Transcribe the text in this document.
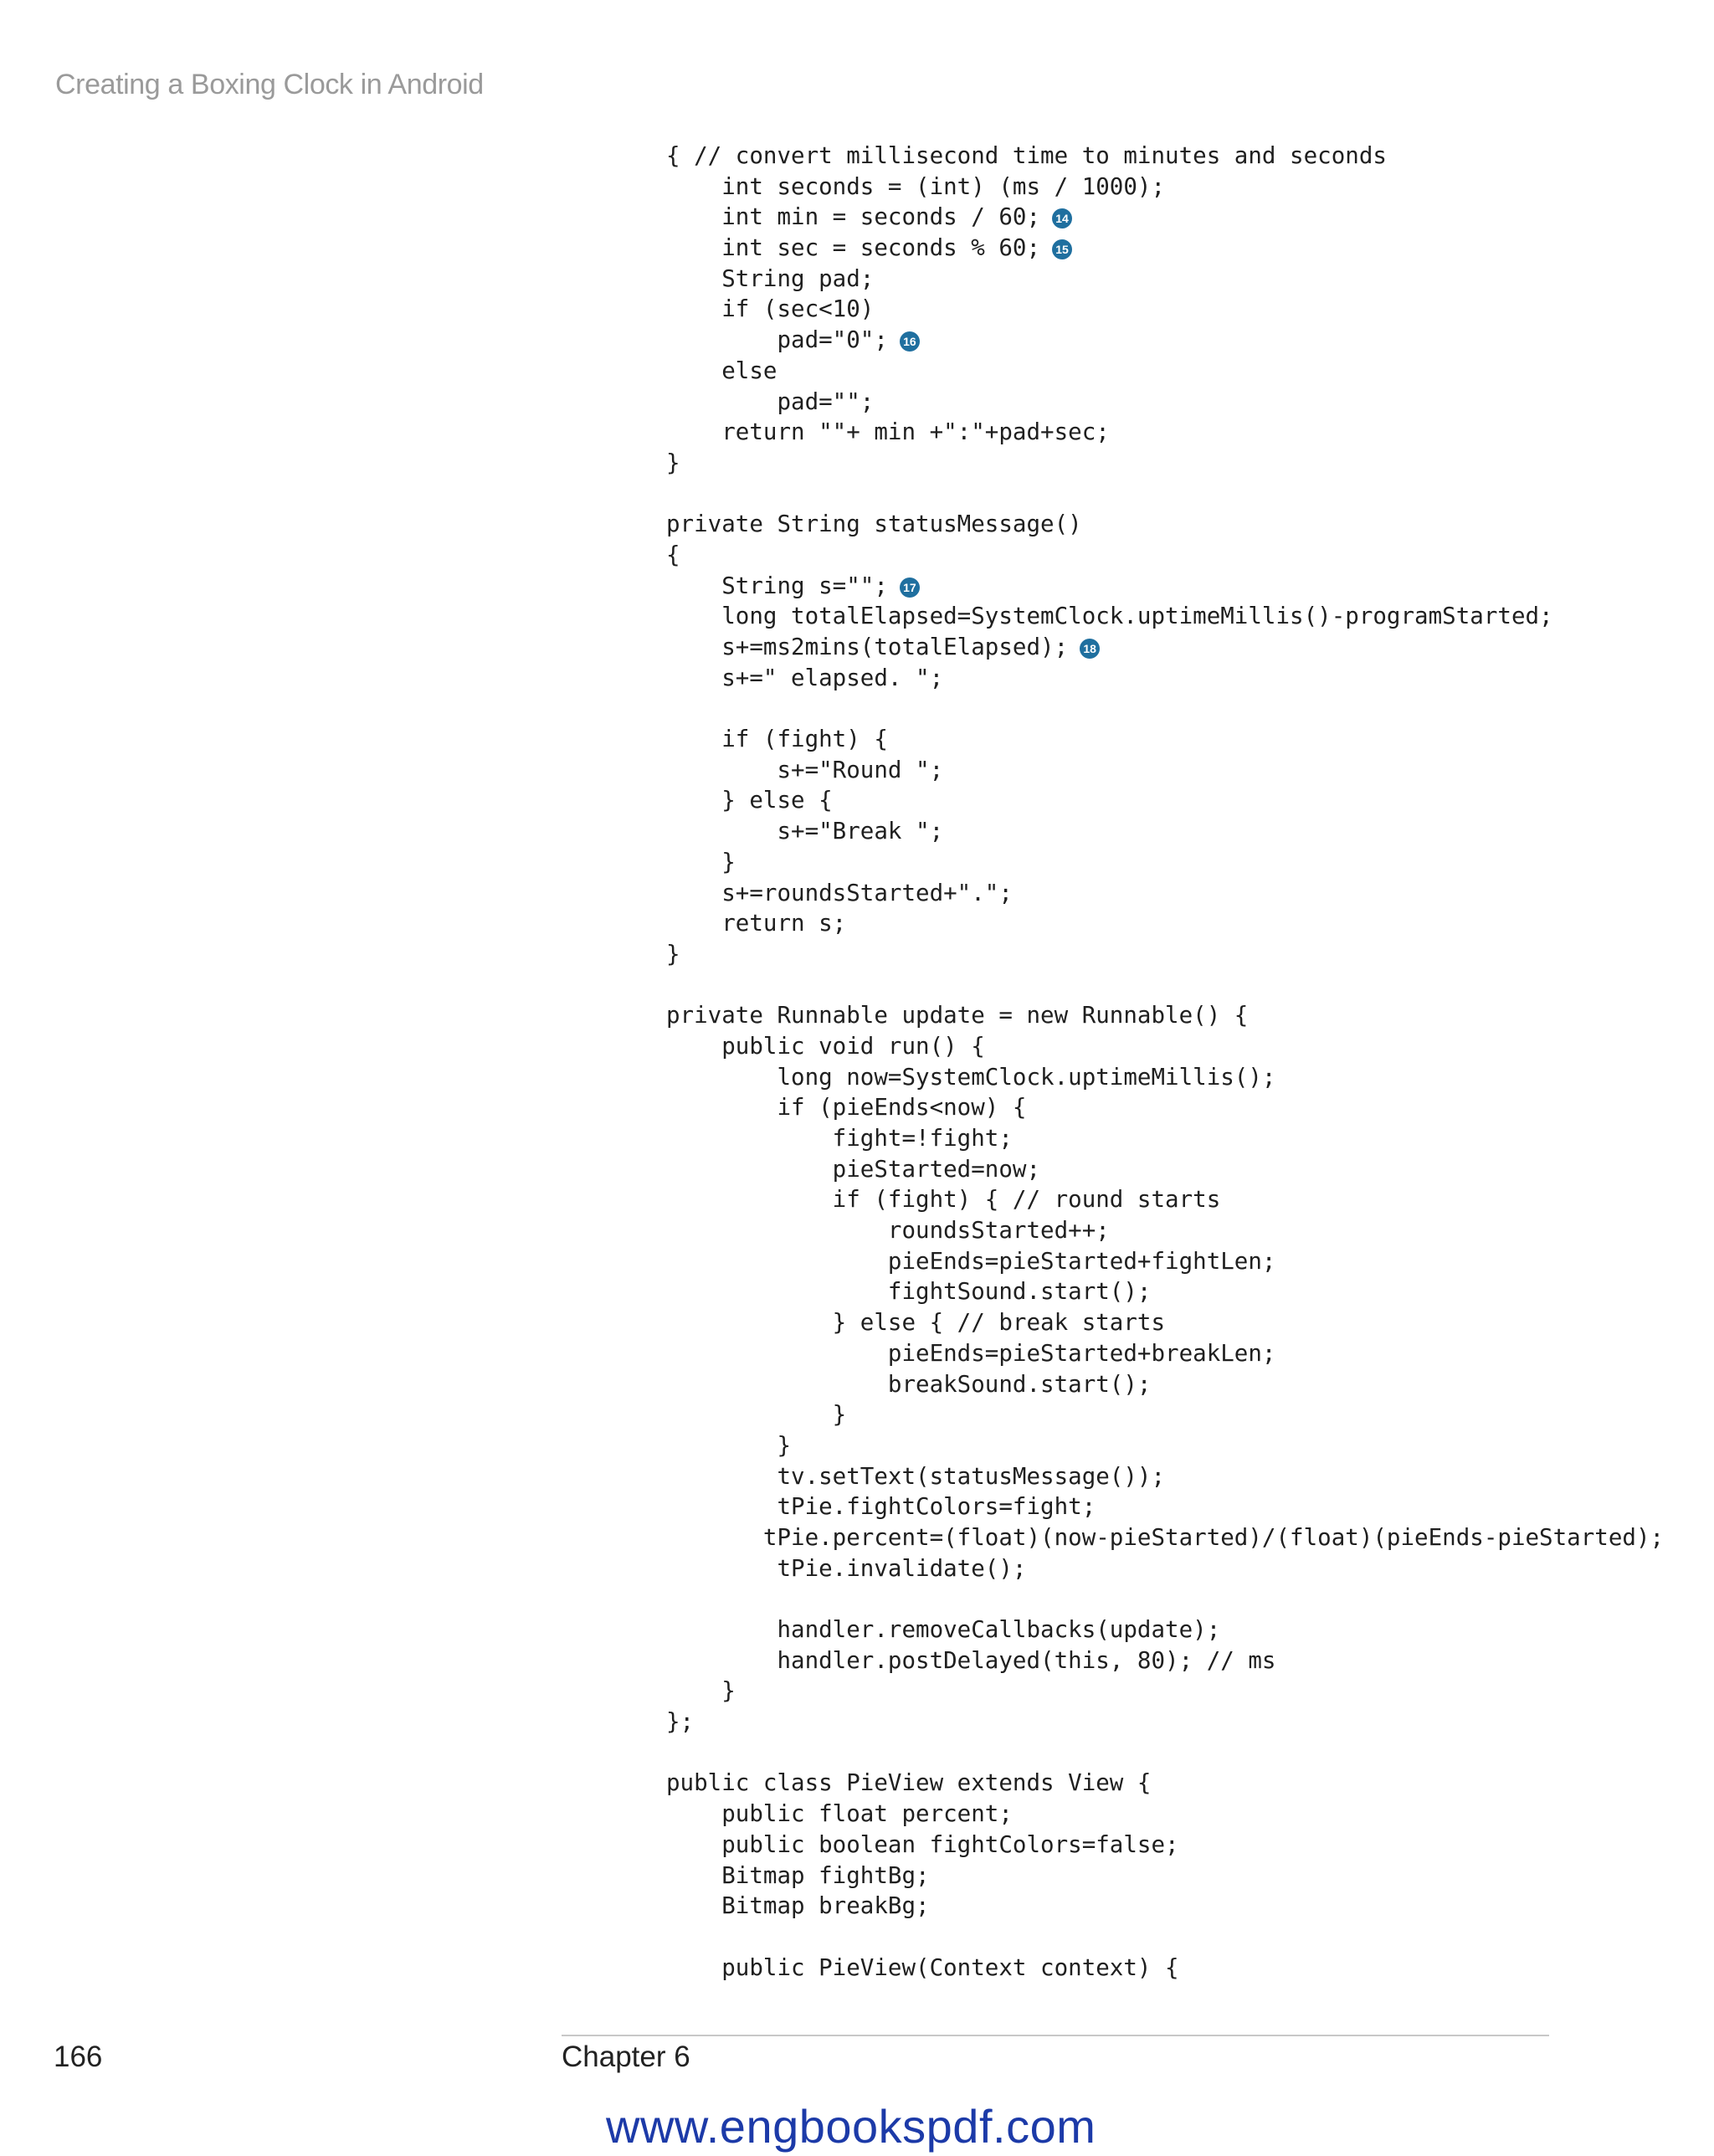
Creating a Boxing Clock in Android
{ // convert millisecond time to minutes and seconds
int seconds = (int) (ms / 1000);
int min = seconds / 60; 14
int sec = seconds % 60; 15
String pad;
if (sec<10)
pad="0"; 16
else
pad="";
return ""+ min +":"+pad+sec;
}
private String statusMessage()
{
String s=""; 17
long totalElapsed=SystemClock.uptimeMillis()-programStarted;
s+=ms2mins(totalElapsed); 18
s+=" elapsed. ";
if (fight) {
s+="Round ";
} else {
s+="Break ";
}
s+=roundsStarted+".";
return s;
}
private Runnable update = new Runnable() {
public void run() {
long now=SystemClock.uptimeMillis();
if (pieEnds<now) {
fight=!fight;
pieStarted=now;
if (fight) { // round starts
roundsStarted++;
pieEnds=pieStarted+fightLen;
fightSound.start();
} else { // break starts
pieEnds=pieStarted+breakLen;
breakSound.start();
}
}
tv.setText(statusMessage());
tPie.fightColors=fight;
tPie.percent=(float)(now-pieStarted)/(float)(pieEnds-pieStarted);
tPie.invalidate();
handler.removeCallbacks(update);
handler.postDelayed(this, 80); // ms
}
};
public class PieView extends View {
public float percent;
public boolean fightColors=false;
Bitmap fightBg;
Bitmap breakBg;
public PieView(Context context) {
166	Chapter 6
www.engbookspdf.com
